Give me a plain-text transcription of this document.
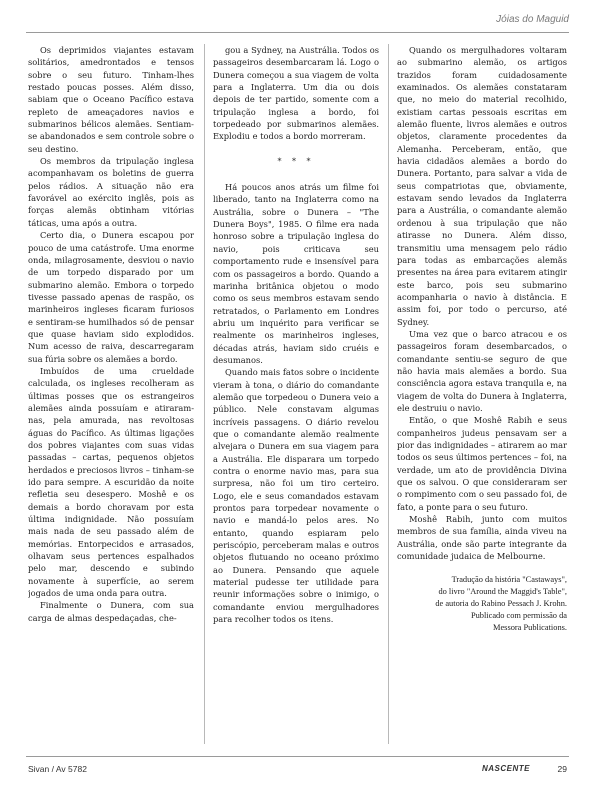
Jóias do Maguid

Os deprimidos viajantes estavam solitários, amedrontados e tensos sobre o seu futuro. Tinham-lhes restado poucas posses. Além disso, sabiam que o Oceano Pacífico estava repleto de ameaçadores navios e submarinos bélicos alemães. Sentiam-se abandonados e sem controle sobre o seu destino.

Os membros da tripulação inglesa acompanhavam os boletins de guerra pelos rádios. A situação não era favorável ao exército inglês, pois as forças alemãs obtinham vitórias táticas, uma após a outra.

Certo dia, o Dunera escapou por pouco de uma catástrofe. Uma enorme onda, milagrosamente, desviou o navio de um torpedo disparado por um submarino alemão. Embora o torpedo tivesse passado apenas de raspão, os marinheiros ingleses ficaram furiosos e sentiram-se humilhados só de pensar que quase haviam sido explodidos. Num acesso de raiva, descarregaram sua fúria sobre os alemães a bordo.

Imbuídos de uma crueldade calculada, os ingleses recolheram as últimas posses que os estrangeiros alemães ainda possuíam e atiraram-nas, pela amurada, nas revoltosas águas do Pacífico. As últimas ligações dos pobres viajantes com suas vidas passadas – cartas, pequenos objetos herdados e preciosos livros – tinham-se ido para sempre. A escuridão da noite refletia seu desespero. Moshê e os demais a bordo choravam por esta última indignidade. Não possuíam mais nada de seu passado além de memórias. Entorpecidos e arrasados, olhavam seus pertences espalhados pelo mar, descendo e subindo novamente à superfície, ao serem jogados de uma onda para outra.

Finalmente o Dunera, com sua carga de almas despedaçadas, che-

gou a Sydney, na Austrália. Todos os passageiros desembarcaram lá. Logo o Dunera começou a sua viagem de volta para a Inglaterra. Um dia ou dois depois de ter partido, somente com a tripulação inglesa a bordo, foi torpedeado por submarinos alemães. Explodiu e todos a bordo morreram.

* * *

Há poucos anos atrás um filme foi liberado, tanto na Inglaterra como na Austrália, sobre o Dunera – "The Dunera Boys", 1985. O filme era nada honroso sobre a tripulação inglesa do navio, pois criticava seu comportamento rude e insensível para com os passageiros a bordo. Quando a marinha britânica objetou o modo como os seus membros estavam sendo retratados, o Parlamento em Londres abriu um inquérito para verificar se realmente os marinheiros ingleses, décadas atrás, haviam sido cruéis e desumanos.

Quando mais fatos sobre o incidente vieram à tona, o diário do comandante alemão que torpedeou o Dunera veio a público. Nele constavam algumas incríveis passagens. O diário revelou que o comandante alemão realmente alvejara o Dunera em sua viagem para a Austrália. Ele disparara um torpedo contra o enorme navio mas, para sua surpresa, não foi um tiro certeiro. Logo, ele e seus comandados estavam prontos para torpedear novamente o navio e mandá-lo pelos ares. No entanto, quando espiaram pelo periscópio, perceberam malas e outros objetos flutuando no oceano próximo ao Dunera. Pensando que aquele material pudesse ter utilidade para reunir informações sobre o inimigo, o comandante enviou mergulhadores para recolher todos os itens.

Quando os mergulhadores voltaram ao submarino alemão, os artigos trazidos foram cuidadosamente examinados. Os alemães constataram que, no meio do material recolhido, existiam cartas pessoais escritas em alemão fluente, livros alemães e outros objetos, claramente procedentes da Alemanha. Perceberam, então, que havia cidadãos alemães a bordo do Dunera. Portanto, para salvar a vida de seus compatriotas que, obviamente, estavam sendo levados da Inglaterra para a Austrália, o comandante alemão ordenou à sua tripulação que não atirasse no Dunera. Além disso, transmitiu uma mensagem pelo rádio para todas as embarcações alemãs presentes na área para evitarem atingir este barco, pois seu submarino acompanharia o navio à distância. E assim foi, por todo o percurso, até Sydney.

Uma vez que o barco atracou e os passageiros foram desembarcados, o comandante sentiu-se seguro de que não havia mais alemães a bordo. Sua consciência agora estava tranquila e, na viagem de volta do Dunera à Inglaterra, ele destruiu o navio.

Então, o que Moshê Rabih e seus companheiros judeus pensavam ser a pior das indignidades – atirarem ao mar todos os seus últimos pertences – foi, na verdade, um ato de providência Divina que os salvou. O que consideraram ser o rompimento com o seu passado foi, de fato, a ponte para o seu futuro.

Moshê Rabih, junto com muitos membros de sua família, ainda viveu na Austrália, onde são parte integrante da comunidade judaica de Melbourne.

Tradução da história "Castaways",
do livro "Around the Maggid's Table",
de autoria do Rabino Pessach J. Krohn.
Publicado com permissão da
Messora Publications.
Sivan / Av 5782	NASCENTE	29
